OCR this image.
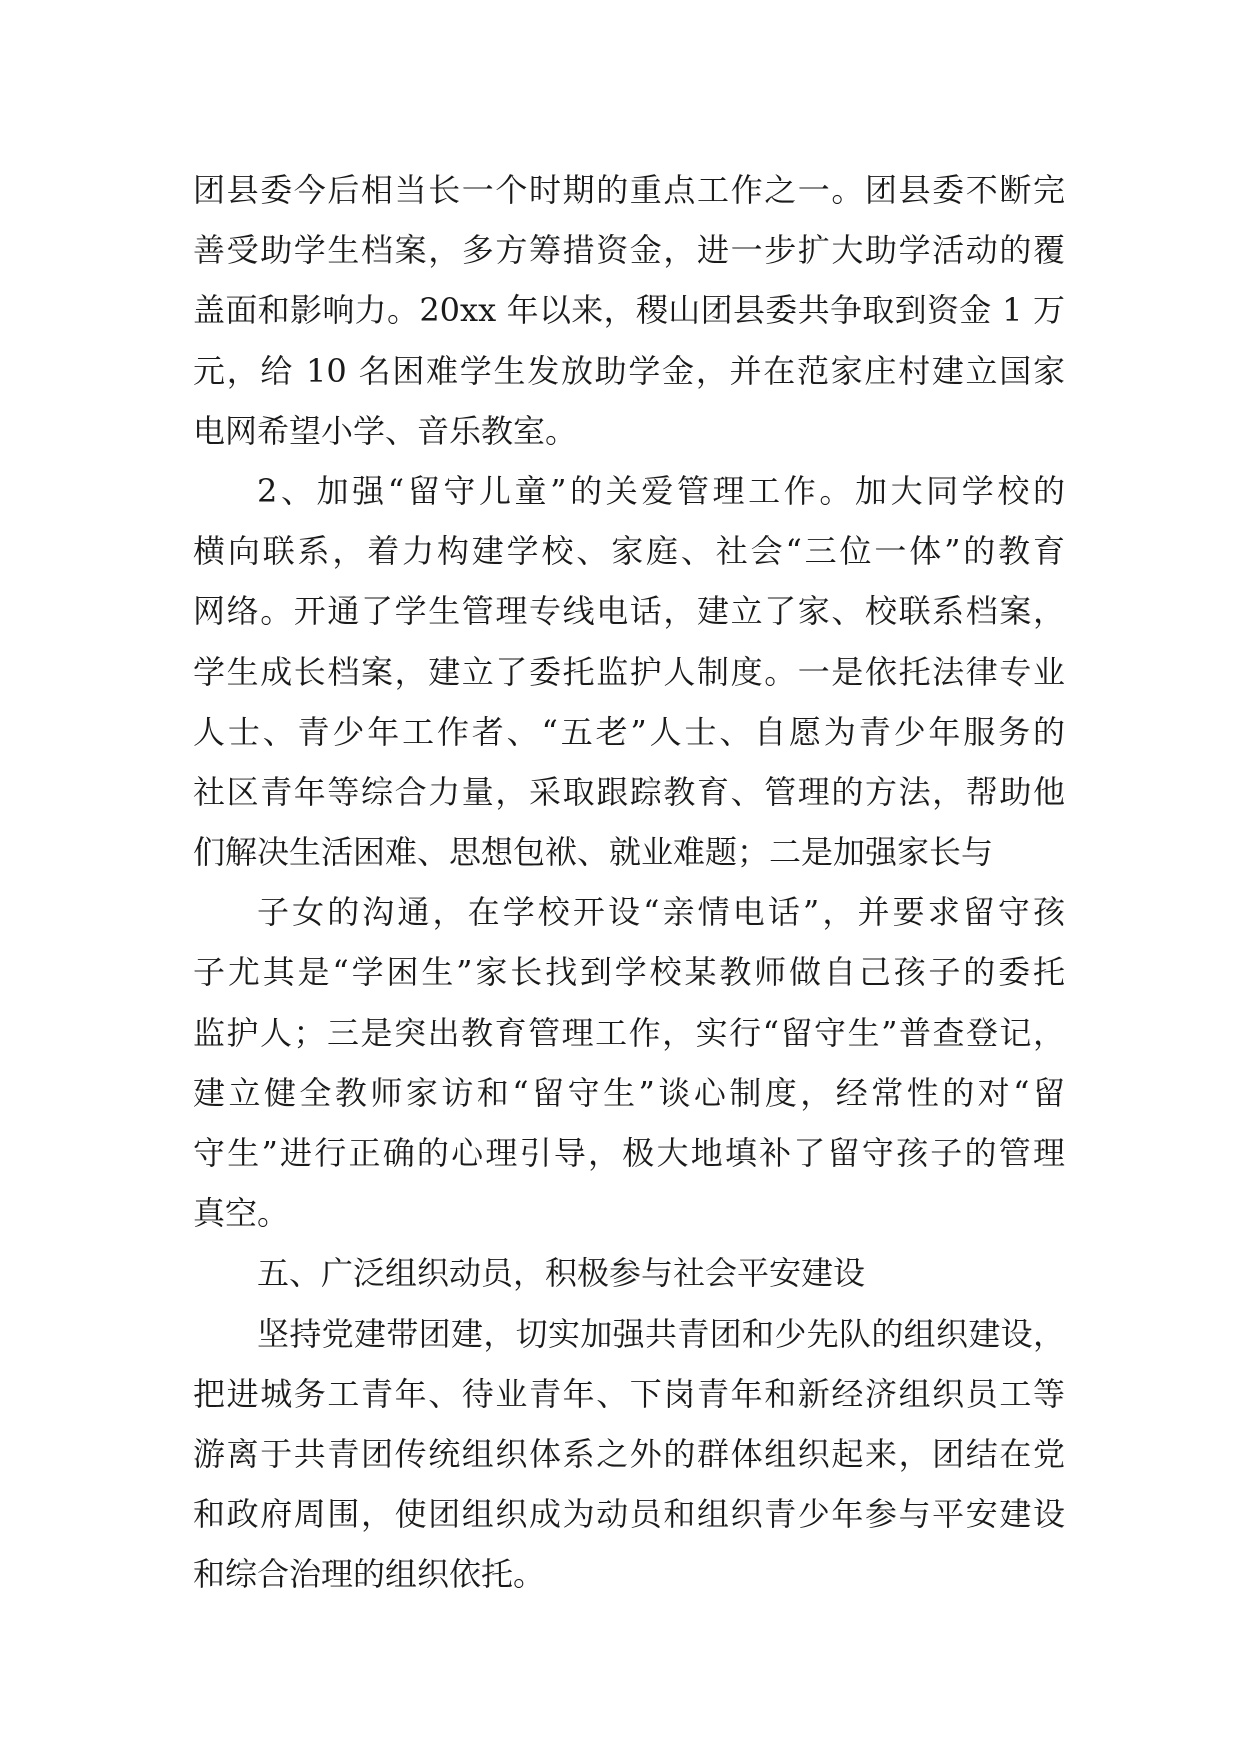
团县委今后相当长一个时期的重点工作之一。团县委不断完
善受助学生档案，多方筹措资金，进一步扩大助学活动的覆
盖面和影响力。20xx 年以来，稷山团县委共争取到资金 1 万
元，给 10 名困难学生发放助学金，并在范家庄村建立国家
电网希望小学、音乐教室。
2、加强“留守儿童”的关爱管理工作。加大同学校的
横向联系，着力构建学校、家庭、社会“三位一体”的教育
网络。开通了学生管理专线电话，建立了家、校联系档案，
学生成长档案，建立了委托监护人制度。一是依托法律专业
人士、青少年工作者、“五老”人士、自愿为青少年服务的
社区青年等综合力量，采取跟踪教育、管理的方法，帮助他
们解决生活困难、思想包袱、就业难题；二是加强家长与
子女的沟通，在学校开设“亲情电话”，并要求留守孩
子尤其是“学困生”家长找到学校某教师做自己孩子的委托
监护人；三是突出教育管理工作，实行“留守生”普查登记，
建立健全教师家访和“留守生”谈心制度，经常性的对“留
守生”进行正确的心理引导，极大地填补了留守孩子的管理
真空。
五、广泛组织动员，积极参与社会平安建设
坚持党建带团建，切实加强共青团和少先队的组织建设，
把进城务工青年、待业青年、下岗青年和新经济组织员工等
游离于共青团传统组织体系之外的群体组织起来，团结在党
和政府周围，使团组织成为动员和组织青少年参与平安建设
和综合治理的组织依托。
